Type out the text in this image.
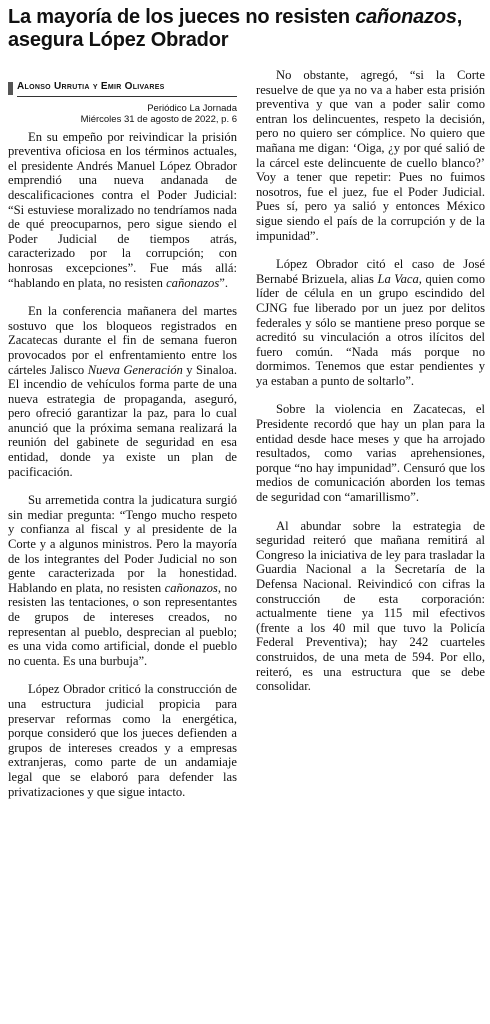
La mayoría de los jueces no resisten cañonazos, asegura López Obrador
Alonso Urrutia y Emir Olivares
Periódico La Jornada
Miércoles 31 de agosto de 2022, p. 6

En su empeño por reivindicar la prisión preventiva oficiosa en los términos actuales, el presidente Andrés Manuel López Obrador emprendió una nueva andanada de descalificaciones contra el Poder Judicial: “Si estuviese moralizado no tendríamos nada de qué preocuparnos, pero sigue siendo el Poder Judicial de tiempos atrás, caracterizado por la corrupción; con honrosas excepciones”. Fue más allá: “hablando en plata, no resisten cañonazos”.

En la conferencia mañanera del martes sostuvo que los bloqueos registrados en Zacatecas durante el fin de semana fueron provocados por el enfrentamiento entre los cárteles Jalisco Nueva Generación y Sinaloa. El incendio de vehículos forma parte de una nueva estrategia de propaganda, aseguró, pero ofreció garantizar la paz, para lo cual anunció que la próxima semana realizará la reunión del gabinete de seguridad en esa entidad, donde ya existe un plan de pacificación.

Su arremetida contra la judicatura surgió sin mediar pregunta: “Tengo mucho respeto y confianza al fiscal y al presidente de la Corte y a algunos ministros. Pero la mayoría de los integrantes del Poder Judicial no son gente caracterizada por la honestidad. Hablando en plata, no resisten cañonazos, no resisten las tentaciones, o son representantes de grupos de intereses creados, no representan al pueblo, desprecian al pueblo; es una vida como artificial, donde el pueblo no cuenta. Es una burbuja”.

López Obrador criticó la construcción de una estructura judicial propicia para preservar reformas como la energética, porque consideró que los jueces defienden a grupos de intereses creados y a empresas extranjeras, como parte de un andamiaje legal que se elaboró para defender las privatizaciones y que sigue intacto.

No obstante, agregó, “si la Corte resuelve de que ya no va a haber esta prisión preventiva y que van a poder salir como entran los delincuentes, respeto la decisión, pero no quiero ser cómplice. No quiero que mañana me digan: ‘Oiga, ¿y por qué salió de la cárcel este delincuente de cuello blanco?’ Voy a tener que repetir: Pues no fuimos nosotros, fue el juez, fue el Poder Judicial. Pues sí, pero ya salió y entonces México sigue siendo el país de la corrupción y de la impunidad”.

López Obrador citó el caso de José Bernabé Brizuela, alias La Vaca, quien como líder de célula en un grupo escindido del CJNG fue liberado por un juez por delitos federales y sólo se mantiene preso porque se acreditó su vinculación a otros ilícitos del fuero común. “Nada más porque no dormimos. Tenemos que estar pendientes y ya estaban a punto de soltarlo”.

Sobre la violencia en Zacatecas, el Presidente recordó que hay un plan para la entidad desde hace meses y que ha arrojado resultados, como varias aprehensiones, porque “no hay impunidad”. Censuró que los medios de comunicación aborden los temas de seguridad con “amarillismo”.

Al abundar sobre la estrategia de seguridad reiteró que mañana remitirá al Congreso la iniciativa de ley para trasladar la Guardia Nacional a la Secretaría de la Defensa Nacional. Reivindicó con cifras la construcción de esta corporación: actualmente tiene ya 115 mil efectivos (frente a los 40 mil que tuvo la Policía Federal Preventiva); hay 242 cuarteles construidos, de una meta de 594. Por ello, reiteró, es una estructura que se debe consolidar.
